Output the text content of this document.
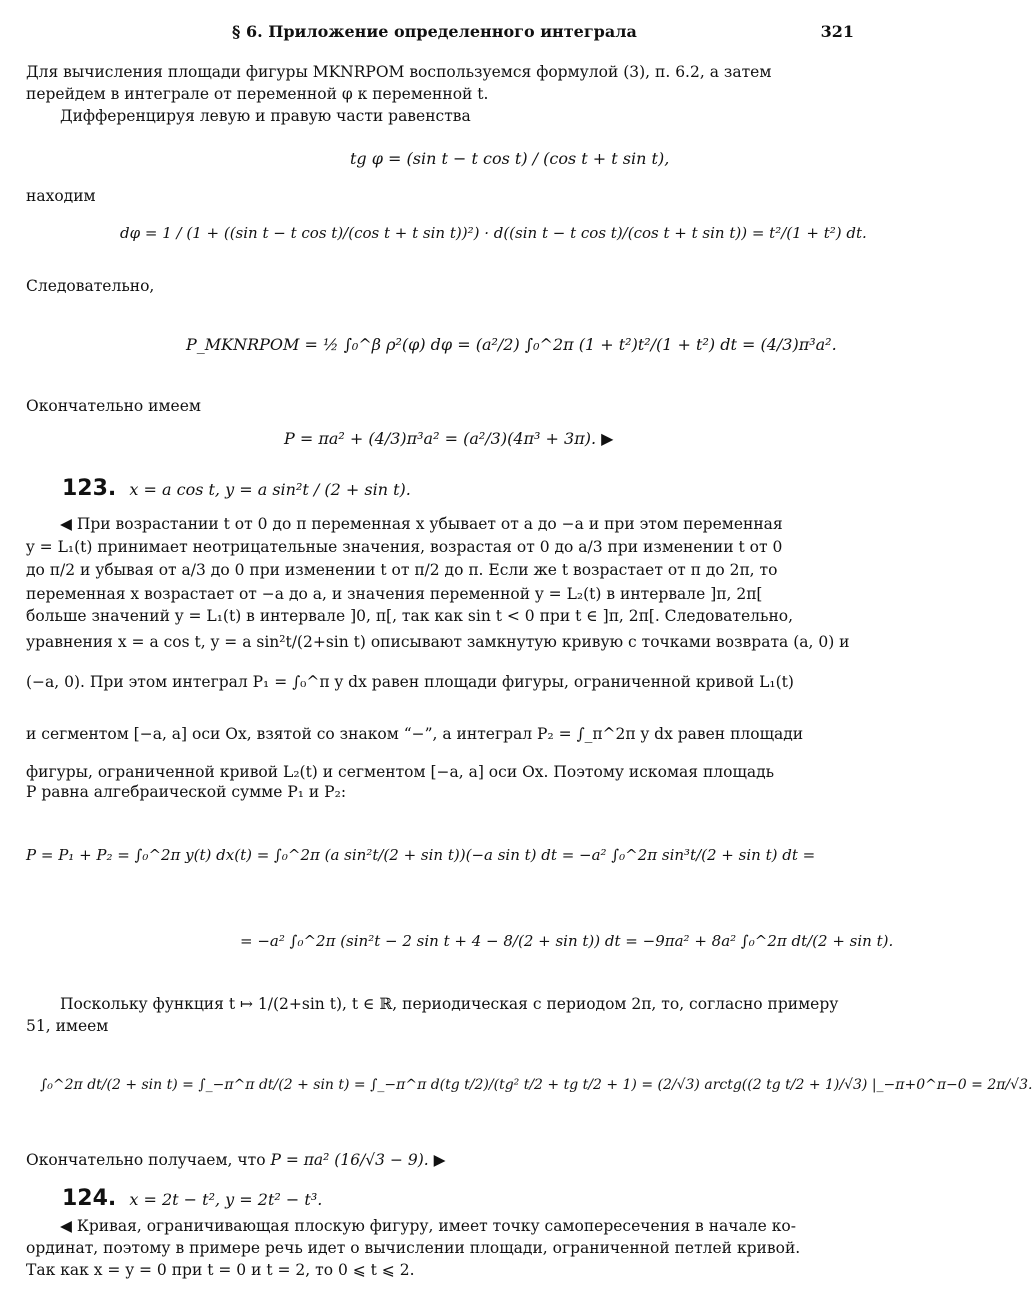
§ 6. Приложение определенного интеграла	321
Для вычисления площади фигуры MKNRPOM воспользуемся формулой (3), п. 6.2, а затем
перейдем в интеграле от переменной φ к переменной t.
Дифференцируя левую и правую части равенства
tg φ = (sin t − t cos t) / (cos t + t sin t),
находим
dφ = 1 / (1 + ((sin t − t cos t)/(cos t + t sin t))²) · d((sin t − t cos t)/(cos t + t sin t)) = t²/(1 + t²) dt.
Следовательно,
P_MKNRPOM = ½ ∫₀^β ρ²(φ) dφ = (a²/2) ∫₀^2π (1 + t²)t²/(1 + t²) dt = (4/3)π³a².
Окончательно имеем
P = πa² + (4/3)π³a² = (a²/3)(4π³ + 3π). ▶
123. x = a cos t, y = a sin²t / (2 + sin t).
◀ При возрастании t от 0 до π переменная x убывает от a до −a и при этом переменная
y = L₁(t) принимает неотрицательные значения, возрастая от 0 до a/3 при изменении t от 0
до π/2 и убывая от a/3 до 0 при изменении t от π/2 до π. Если же t возрастает от π до 2π, то
переменная x возрастает от −a до a, и значения переменной y = L₂(t) в интервале ]π, 2π[
больше значений y = L₁(t) в интервале ]0, π[, так как sin t < 0 при t ∈ ]π, 2π[. Следовательно,
уравнения x = a cos t, y = a sin²t/(2+sin t) описывают замкнутую кривую с точками возврата (a, 0) и
(−a, 0). При этом интеграл P₁ = ∫₀^π y dx равен площади фигуры, ограниченной кривой L₁(t)
и сегментом [−a, a] оси Ox, взятой со знаком “−”, а интеграл P₂ = ∫_π^2π y dx равен площади
фигуры, ограниченной кривой L₂(t) и сегментом [−a, a] оси Ox. Поэтому искомая площадь
P равна алгебраической сумме P₁ и P₂:
P = P₁ + P₂ = ∫₀^2π y(t) dx(t) = ∫₀^2π (a sin²t/(2 + sin t))(−a sin t) dt = −a² ∫₀^2π sin³t/(2 + sin t) dt =
= −a² ∫₀^2π (sin²t − 2 sin t + 4 − 8/(2 + sin t)) dt = −9πa² + 8a² ∫₀^2π dt/(2 + sin t).
Поскольку функция t ↦ 1/(2+sin t), t ∈ ℝ, периодическая с периодом 2π, то, согласно примеру
51, имеем
∫₀^2π dt/(2 + sin t) = ∫_−π^π dt/(2 + sin t) = ∫_−π^π d(tg t/2)/(tg² t/2 + tg t/2 + 1) = (2/√3) arctg((2 tg t/2 + 1)/√3) |_−π+0^π−0 = 2π/√3.
Окончательно получаем, что P = πa² (16/√3 − 9). ▶
124. x = 2t − t², y = 2t² − t³.
◀ Кривая, ограничивающая плоскую фигуру, имеет точку самопересечения в начале ко-
ординат, поэтому в примере речь идет о вычислении площади, ограниченной петлей кривой.
Так как x = y = 0 при t = 0 и t = 2, то 0 ⩽ t ⩽ 2.
